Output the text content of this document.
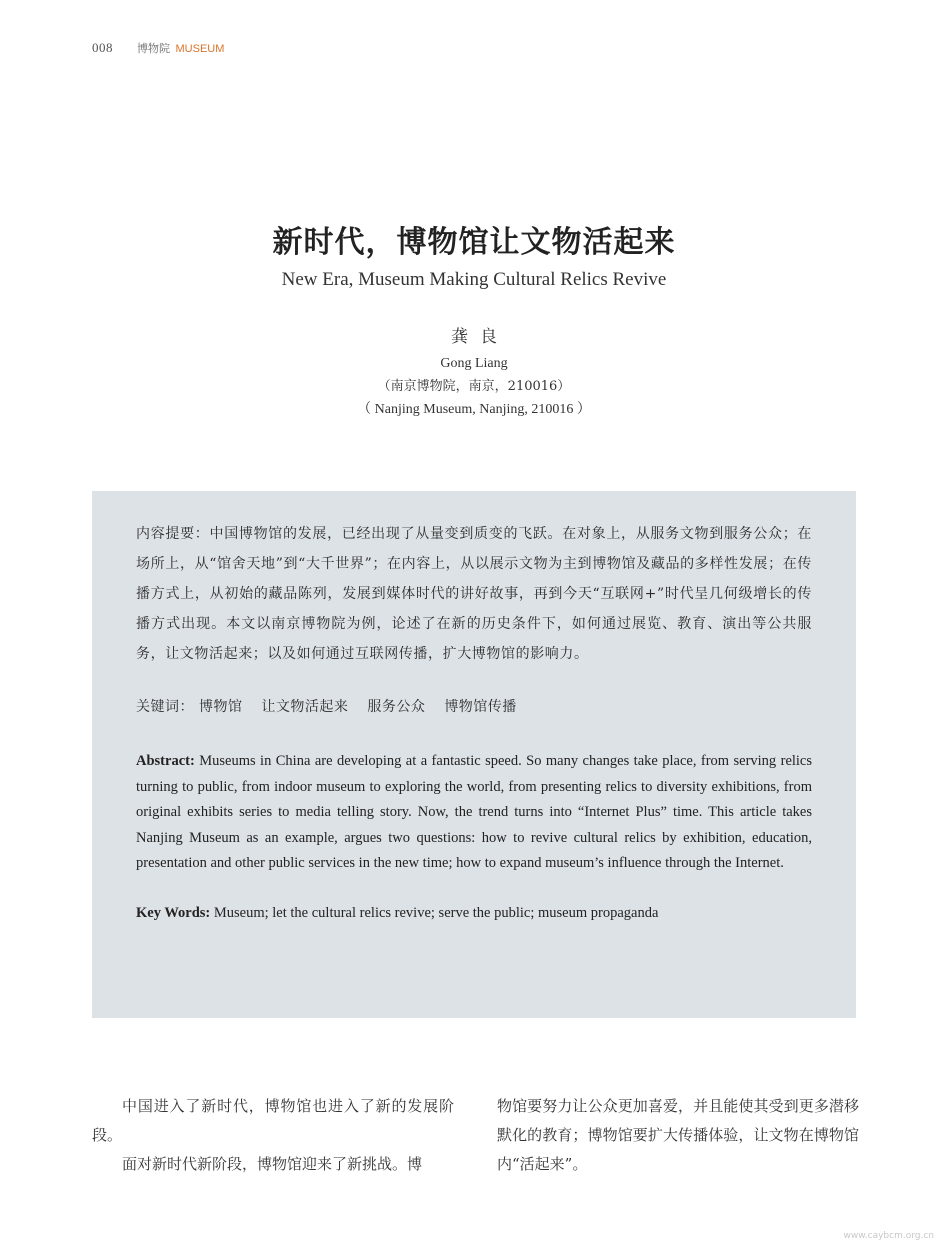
008 博物院 MUSEUM
新时代，博物馆让文物活起来
New Era, Museum Making Cultural Relics Revive
龚良
Gong Liang
（南京博物院，南京，210016）
（ Nanjing Museum, Nanjing, 210016 ）
内容提要：中国博物馆的发展，已经出现了从量变到质变的飞跃。在对象上，从服务文物到服务公众；在场所上，从“馆舍天地”到“大千世界”；在内容上，从以展示文物为主到博物馆及藏品的多样性发展；在传播方式上，从初始的藏品陈列，发展到媒体时代的讲好故事，再到今天“互联网+”时代呈几何级增长的传播方式出现。本文以南京博物院为例，论述了在新的历史条件下，如何通过展览、教育、演出等公共服务，让文物活起来；以及如何通过互联网传播，扩大博物馆的影响力。
关键词： 博物馆 让文物活起来 服务公众 博物馆传播
Abstract: Museums in China are developing at a fantastic speed. So many changes take place, from serving relics turning to public, from indoor museum to exploring the world, from presenting relics to diversity exhibitions, from original exhibits series to media telling story. Now, the trend turns into “Internet Plus” time. This article takes Nanjing Museum as an example, argues two questions: how to revive cultural relics by exhibition, education, presentation and other public services in the new time; how to expand museum’s influence through the Internet.
Key Words: Museum; let the cultural relics revive; serve the public; museum propaganda
中国进入了新时代，博物馆也进入了新的发展阶段。
面对新时代新阶段，博物馆迎来了新挑战。博
物馆要努力让公众更加喜爱，并且能使其受到更多潜移默化的教育；博物馆要扩大传播体验，让文物在博物馆内“活起来”。
www.caybcm.org.cn
